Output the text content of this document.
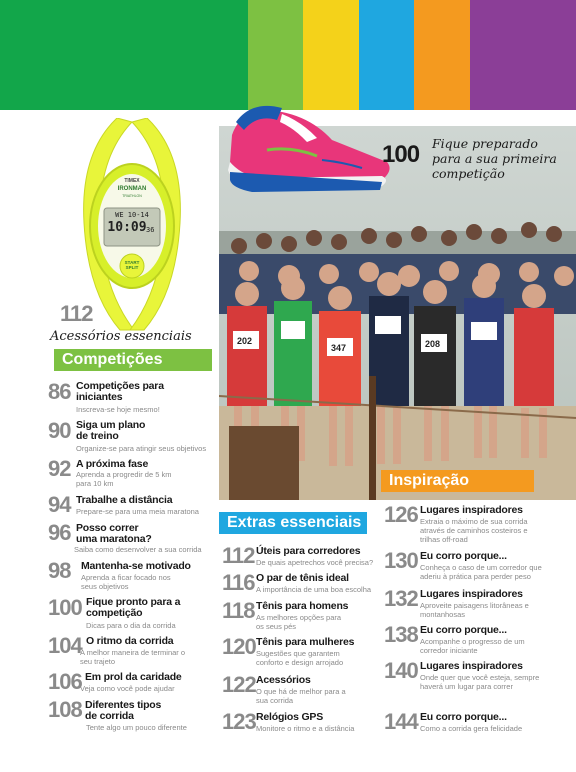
202
347	208
100 Fique preparado para a sua primeira competição
TIMEX
IRONMAN
TRIATHLON
WE 10-14
10:09 36
START SPLIT
112
Acessórios essenciais
Competições
86 Competições para iniciantes
Inscreva-se hoje mesmo!
90 Siga um plano de treino
Organize-se para atingir seus objetivos
92 A próxima fase
Aprenda a progredir de 5 km para 10 km
94 Trabalhe a distância
Prepare-se para uma meia maratona
96 Posso correr uma maratona?
Saiba como desenvolver a sua corrida
98 Mantenha-se motivado
Aprenda a ficar focado nos seus objetivos
100 Fique pronto para a competição
Dicas para o dia da corrida
104 O ritmo da corrida
A melhor maneira de terminar o seu trajeto
106 Em prol da caridade
Veja como você pode ajudar
108 Diferentes tipos de corrida
Tente algo um pouco diferente
Extras essenciais
112 Úteis para corredores
De quais apetrechos você precisa?
116 O par de tênis ideal
A importância de uma boa escolha
118 Tênis para homens
As melhores opções para os seus pés
120 Tênis para mulheres
Sugestões que garantem conforto e design arrojado
122 Acessórios
O que há de melhor para a sua corrida
123 Relógios GPS
Monitore o ritmo e a distância
Inspiração
126 Lugares inspiradores
Extraia o máximo de sua corrida através de caminhos costeiros e trilhas off-road
130 Eu corro porque...
Conheça o caso de um corredor que aderiu à prática para perder peso
132 Lugares inspiradores
Aproveite paisagens litorâneas e montanhosas
138 Eu corro porque...
Acompanhe o progresso de um corredor iniciante
140 Lugares inspiradores
Onde quer que você esteja, sempre haverá um lugar para correr
144 Eu corro porque...
Como a corrida gera felicidade
